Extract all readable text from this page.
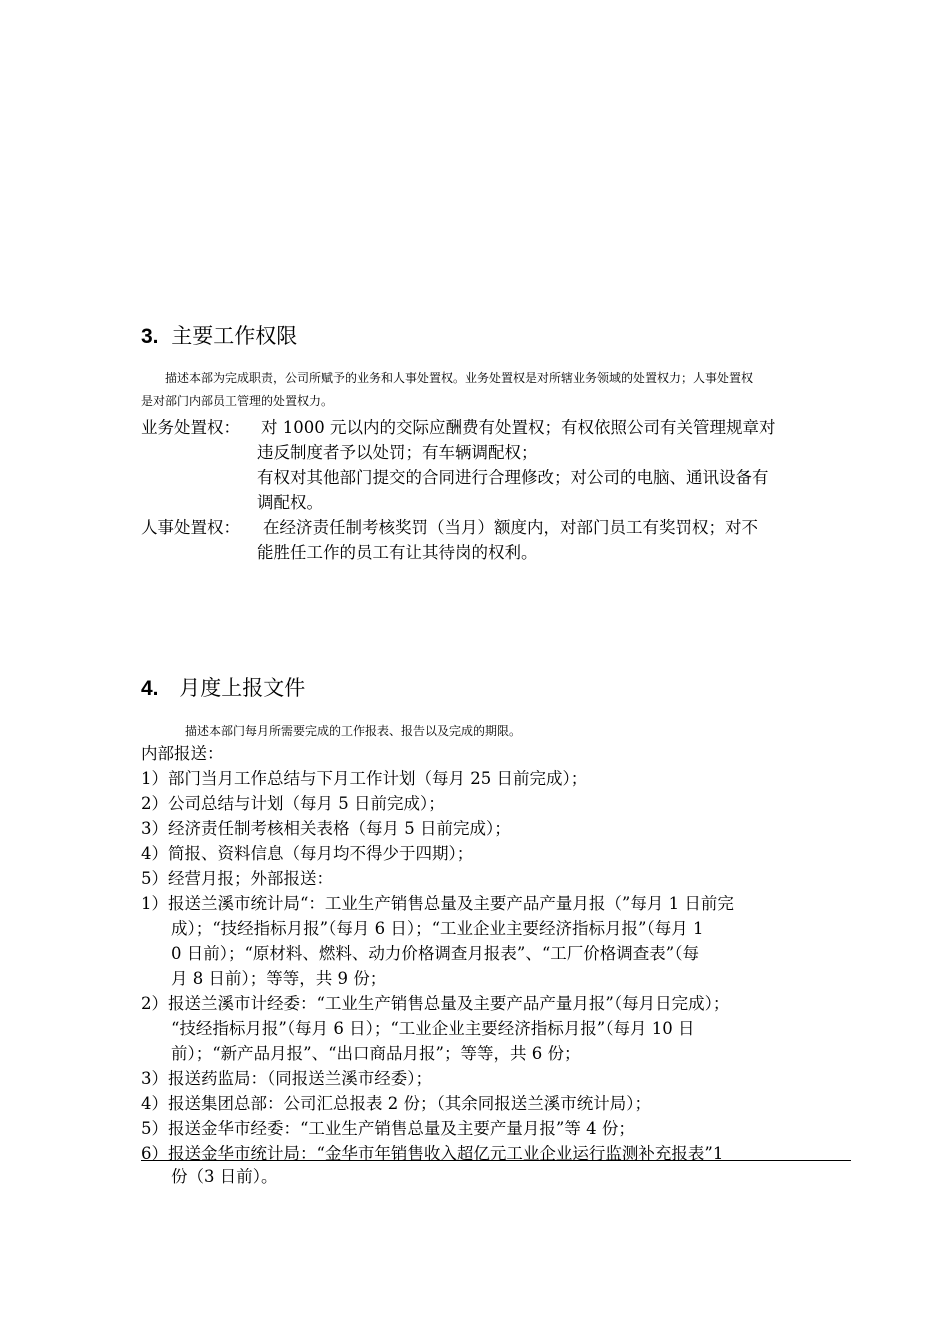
3. 主要工作权限
描述本部为完成职责，公司所赋予的业务和人事处置权。业务处置权是对所辖业务领域的处置权力；人事处置权
是对部门内部员工管理的处置权力。
业务处置权： 对 1000 元以内的交际应酬费有处置权；有权依照公司有关管理规章对
违反制度者予以处罚；有车辆调配权；
有权对其他部门提交的合同进行合理修改；对公司的电脑、通讯设备有
调配权。
人事处置权： 在经济责任制考核奖罚（当月）额度内，对部门员工有奖罚权；对不
能胜任工作的员工有让其待岗的权利。
4. 月度上报文件
描述本部门每月所需要完成的工作报表、报告以及完成的期限。
内部报送：
1）部门当月工作总结与下月工作计划（每月 25 日前完成）；
2）公司总结与计划（每月 5 日前完成）；
3）经济责任制考核相关表格（每月 5 日前完成）；
4）简报、资料信息（每月均不得少于四期）；
5）经营月报；外部报送：
1）报送兰溪市统计局“：工业生产销售总量及主要产品产量月报（”每月 1 日前完
成）；“技经指标月报”（每月 6 日）；“工业企业主要经济指标月报”（每月 1
0 日前）；“原材料、燃料、动力价格调查月报表”、“工厂价格调查表”（每
月 8 日前）；等等，共 9 份；
2）报送兰溪市计经委：“工业生产销售总量及主要产品产量月报”（每月日完成）；
“技经指标月报”（每月 6 日）；“工业企业主要经济指标月报”（每月 10 日
前）；“新产品月报”、“出口商品月报”；等等，共 6 份；
3）报送药监局：（同报送兰溪市经委）；
4）报送集团总部：公司汇总报表 2 份；（其余同报送兰溪市统计局）；
5）报送金华市经委：“工业生产销售总量及主要产量月报”等 4 份；
6）报送金华市统计局：“金华市年销售收入超亿元工业企业运行监测补充报表”1
份（3 日前）。
